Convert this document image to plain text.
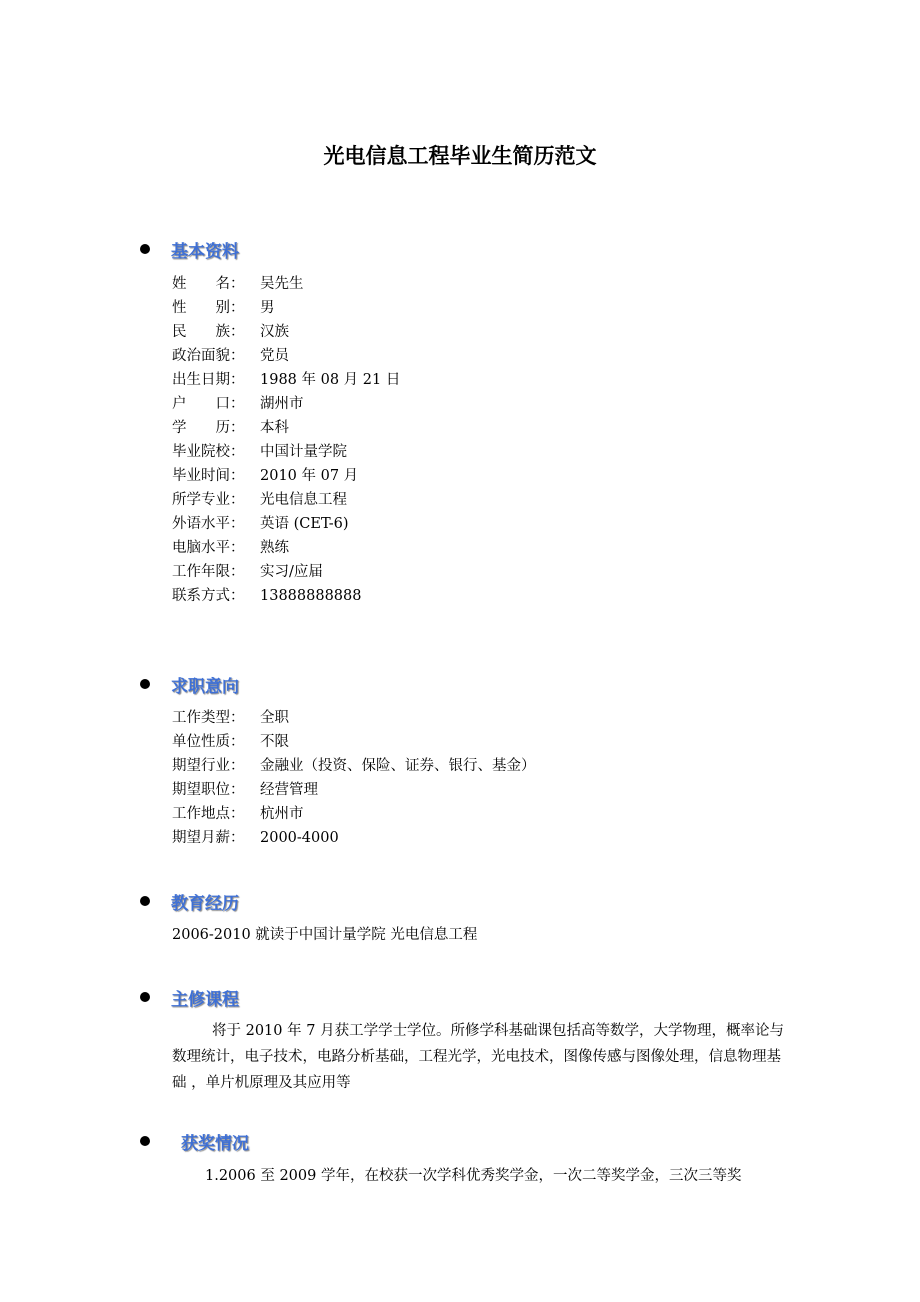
光电信息工程毕业生简历范文
基本资料
姓　　名： 吴先生
性　　别： 男
民　　族： 汉族
政治面貌： 党员
出生日期： 1988 年 08 月 21 日
户　　口： 湖州市
学　　历： 本科
毕业院校： 中国计量学院
毕业时间： 2010 年 07 月
所学专业： 光电信息工程
外语水平： 英语 (CET-6)
电脑水平： 熟练
工作年限： 实习/应届
联系方式： 13888888888
求职意向
工作类型： 全职
单位性质： 不限
期望行业： 金融业（投资、保险、证券、银行、基金）
期望职位： 经营管理
工作地点： 杭州市
期望月薪： 2000-4000
教育经历
2006-2010 就读于中国计量学院 光电信息工程
主修课程

将于 2010 年 7 月获工学学士学位。所修学科基础课包括高等数学，大学物理，概率论与数理统计，电子技术，电路分析基础，工程光学，光电技术，图像传感与图像处理，信息物理基础 ，单片机原理及其应用等

获奖情况
1.2006 至 2009 学年，在校获一次学科优秀奖学金，一次二等奖学金，三次三等奖
